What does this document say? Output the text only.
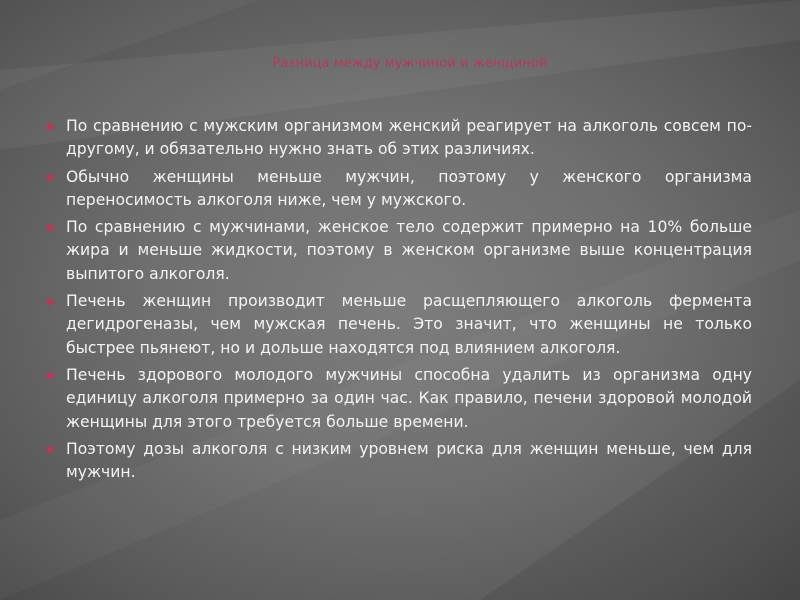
Разница между мужчиной и женщиной
▪ По сравнению с мужским организмом женский реагирует на алкоголь совсем по-другому, и обязательно нужно знать об этих различиях.
▪ Обычно женщины меньше мужчин, поэтому у женского организма переносимость алкоголя ниже, чем у мужского.
▪ По сравнению с мужчинами, женское тело содержит примерно на 10% больше жира и меньше жидкости, поэтому в женском организме выше концентрация выпитого алкоголя.
▪ Печень женщин производит меньше расщепляющего алкоголь фермента дегидрогеназы, чем мужская печень. Это значит, что женщины не только быстрее пьянеют, но и дольше находятся под влиянием алкоголя.
▪ Печень здорового молодого мужчины способна удалить из организма одну единицу алкоголя примерно за один час. Как правило, печени здоровой молодой женщины для этого требуется больше времени.
▪ Поэтому дозы алкоголя с низким уровнем риска для женщин меньше, чем для мужчин.
